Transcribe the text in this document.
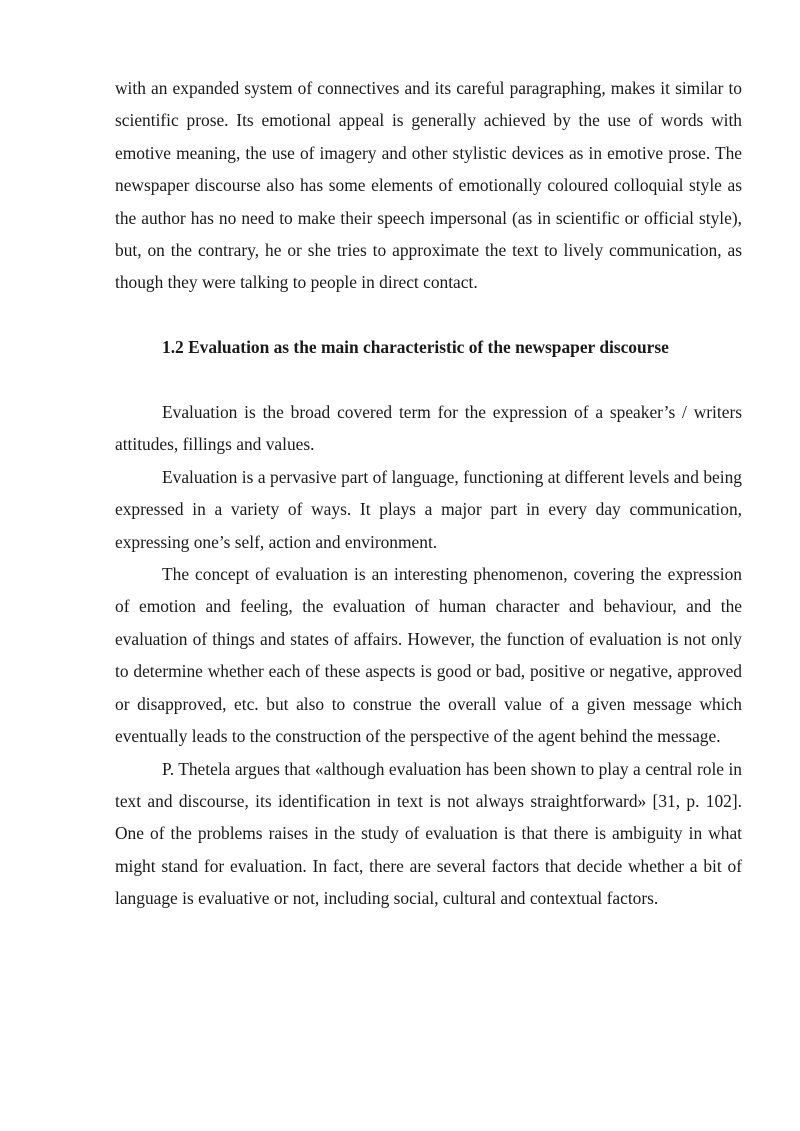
with an expanded system of connectives and its careful paragraphing, makes it similar to scientific prose. Its emotional appeal is generally achieved by the use of words with emotive meaning, the use of imagery and other stylistic devices as in emotive prose. The newspaper discourse also has some elements of emotionally coloured colloquial style as the author has no need to make their speech impersonal (as in scientific or official style), but, on the contrary, he or she tries to approximate the text to lively communication, as though they were talking to people in direct contact.

1.2 Evaluation as the main characteristic of the newspaper discourse

Evaluation is the broad covered term for the expression of a speaker’s / writers attitudes, fillings and values.

Evaluation is a pervasive part of language, functioning at different levels and being expressed in a variety of ways. It plays a major part in every day communication, expressing one’s self, action and environment.

The concept of evaluation is an interesting phenomenon, covering the expression of emotion and feeling, the evaluation of human character and behaviour, and the evaluation of things and states of affairs. However, the function of evaluation is not only to determine whether each of these aspects is good or bad, positive or negative, approved or disapproved, etc. but also to construe the overall value of a given message which eventually leads to the construction of the perspective of the agent behind the message.

P. Thetela argues that «although evaluation has been shown to play a central role in text and discourse, its identification in text is not always straightforward» [31, p. 102]. One of the problems raises in the study of evaluation is that there is ambiguity in what might stand for evaluation. In fact, there are several factors that decide whether a bit of language is evaluative or not, including social, cultural and contextual factors.
